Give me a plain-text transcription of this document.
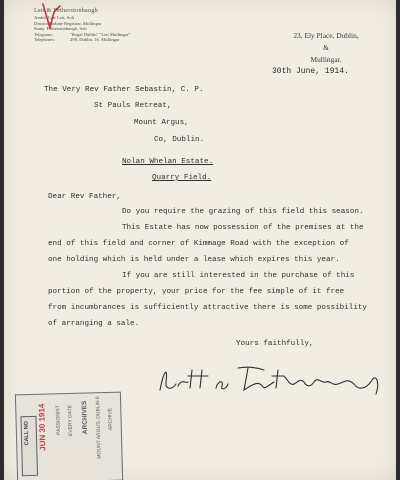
Lett & Fetherstonhaugh
Ambd. Carr Lett, Solr
District Probate Registrar, Mullingar
Stany. Fetherstonhaugh, Solr
Telegrams:	"Regal Dublin" "Lett Mullingar"
Telephones:	298. Dublin. 16. Mullingar	23, Ely Place, Dublin,
&
Mullingar.
30th June, 1914.
The Very Rev Father Sebastin, C. P.
St Pauls Retreat,
Mount Argus,
Co, Dublin.
Nolan Whelan Estate.
Quarry Field.
Dear Rev Father,
Do you require the grazing of this field this season.
This Estate has now possession of the premises at the
end of this field and corner of Kimmage Road with the exception of
one holding which is held under a lease which expires this year.
If you are still interested in the purchase of this
portion of the property, your price for the fee simple of it free
from incumbrances is sufficiently attractive there is some possibility
of arranging a sale.
Yours faithfully,
CALL NO JUN 30 1914 PASSIONIST EVERY DATE ARCHIVES MOUNT ARGUS, DUBLIN 6 ARCHIVE
